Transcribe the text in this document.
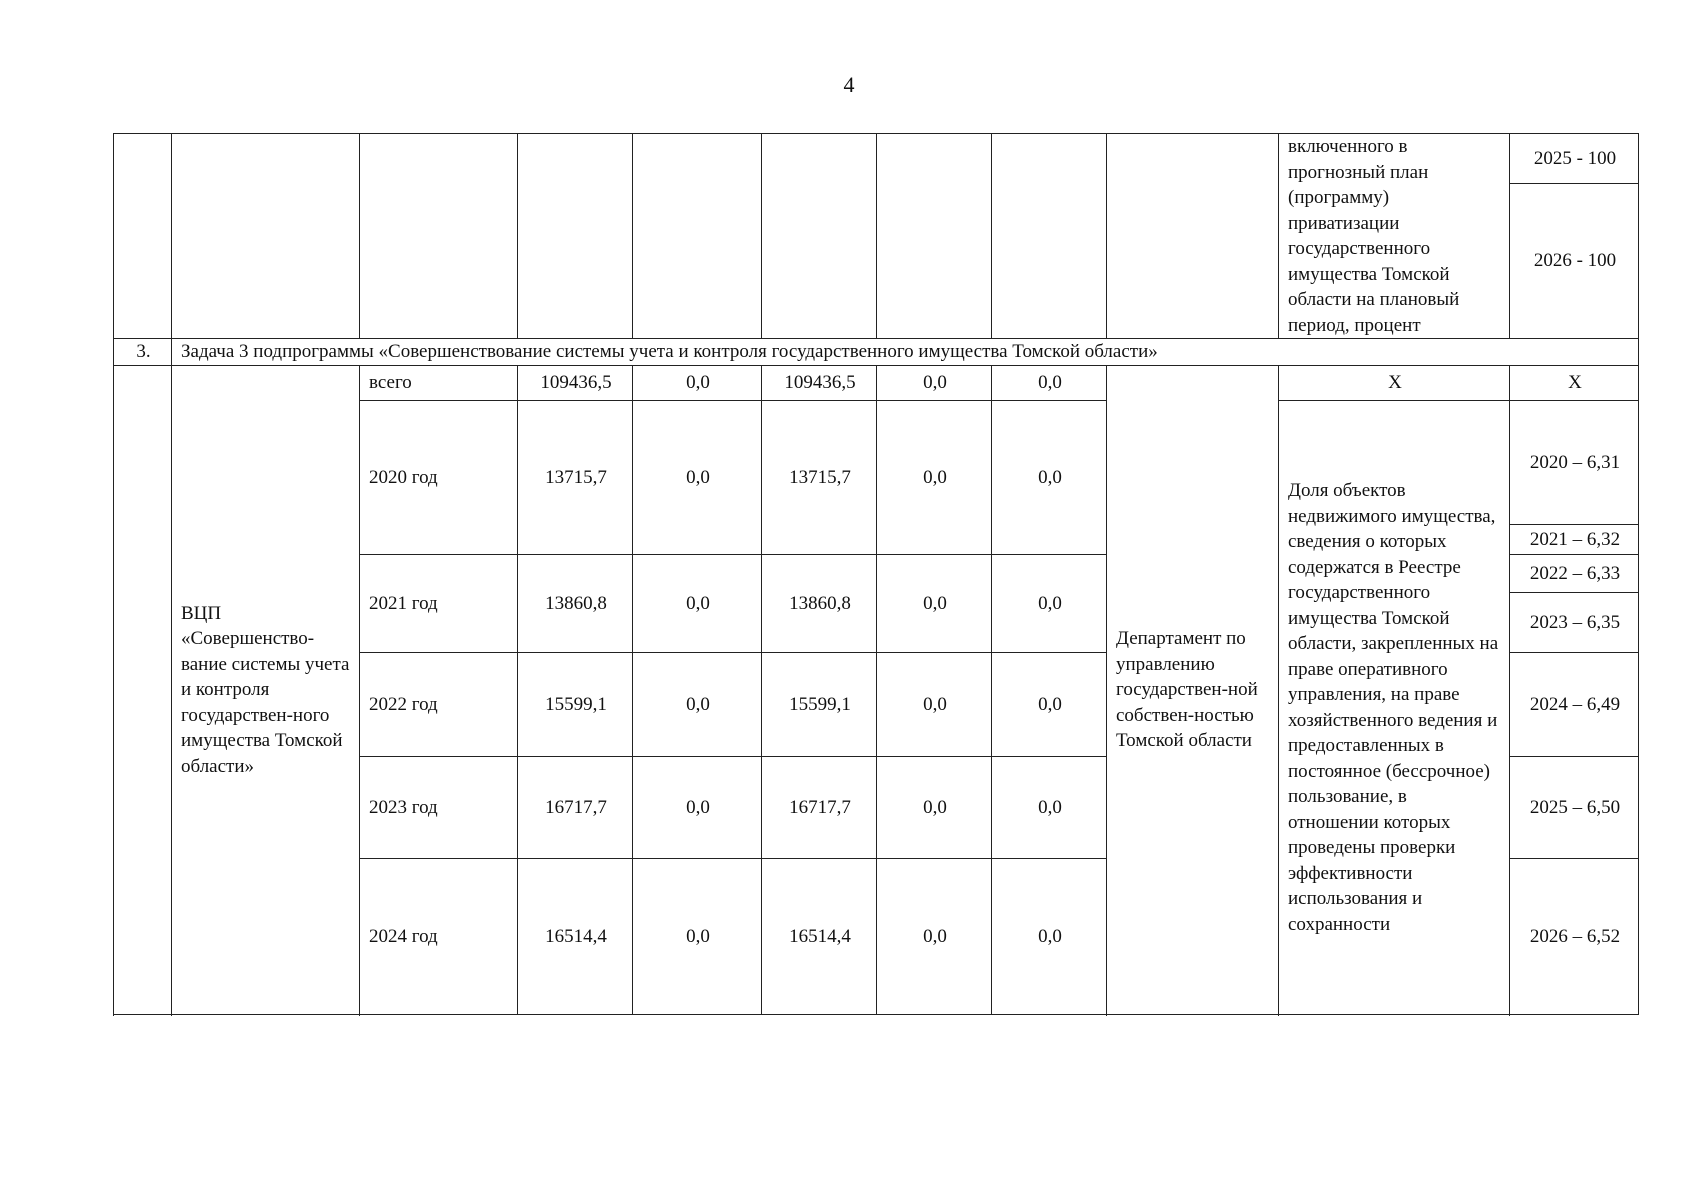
4
									включенного в прогнозный план (программу) приватизации государственного имущества Томской области на плановый период, процент	2025 - 100
										2026 - 100
3.	Задача 3 подпрограммы «Совершенствование системы учета и контроля государственного имущества Томской области»									
	ВЦП «Совершенство-вание системы учета и контроля государствен-ного имущества Томской области»	всего	109436,5	0,0	109436,5	0,0	0,0	Департамент по управлению государствен-ной собствен-ностью Томской области	Х	Х
		2020 год	13715,7	0,0	13715,7	0,0	0,0		Доля объектов недвижимого имущества, сведения о которых содержатся в Реестре государственного имущества Томской области, закрепленных на праве оперативного управления, на праве хозяйственного ведения и предоставленных в постоянное (бессрочное) пользование, в отношении которых проведены проверки эффективности использования и сохранности	2020 – 6,31
										2021 – 6,32
		2021 год	13860,8	0,0	13860,8	0,0	0,0			2022 – 6,33
										2023 – 6,35

		2022 год	15599,1	0,0	15599,1	0,0	0,0			2024 – 6,49
		2023 год	16717,7	0,0	16717,7	0,0	0,0			2025 – 6,50
		2024 год	16514,4	0,0	16514,4	0,0	0,0			2026 – 6,52
